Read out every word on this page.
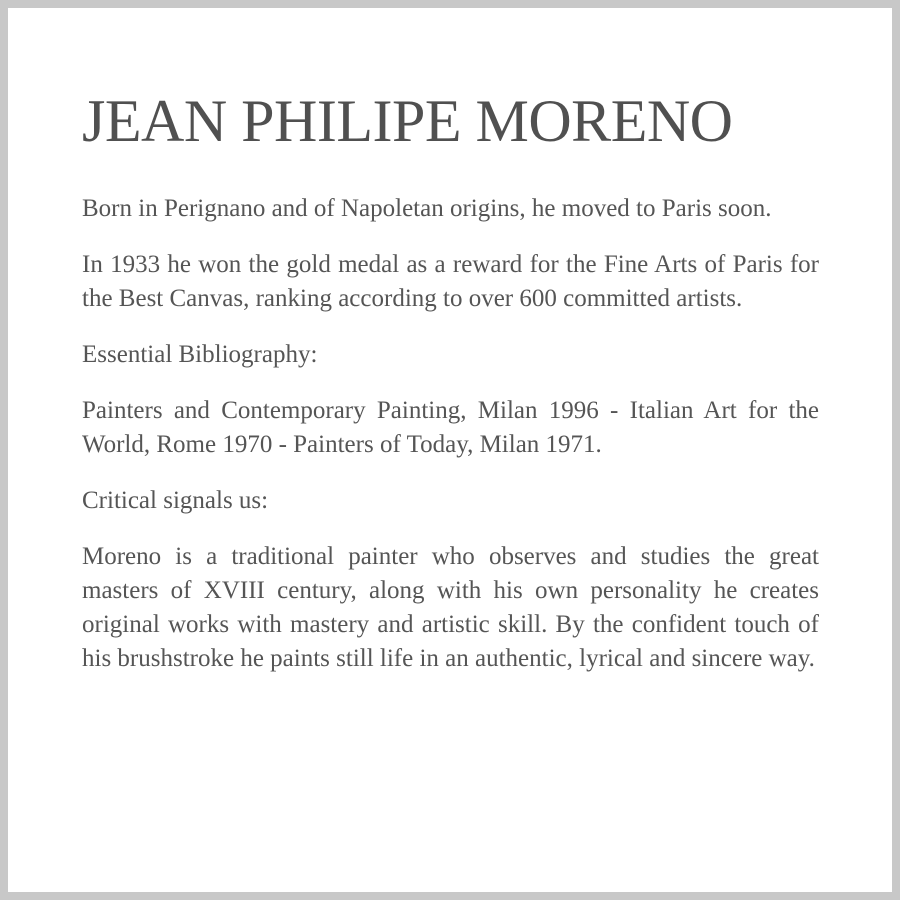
JEAN PHILIPE MORENO

Born in Perignano and of Napoletan origins, he moved to Paris soon.

In 1933 he won the gold medal as a reward for the Fine Arts of Paris for the Best Canvas, ranking according to over 600 committed artists.

Essential Bibliography:

Painters and Contemporary Painting, Milan 1996 - Italian Art for the World, Rome 1970 - Painters of Today, Milan 1971.

Critical signals us:

Moreno is a traditional painter who observes and studies the great masters of XVIII century, along with his own personality he creates original works with mastery and artistic skill. By the confident touch of his brushstroke he paints still life in an authentic, lyrical and sincere way.
